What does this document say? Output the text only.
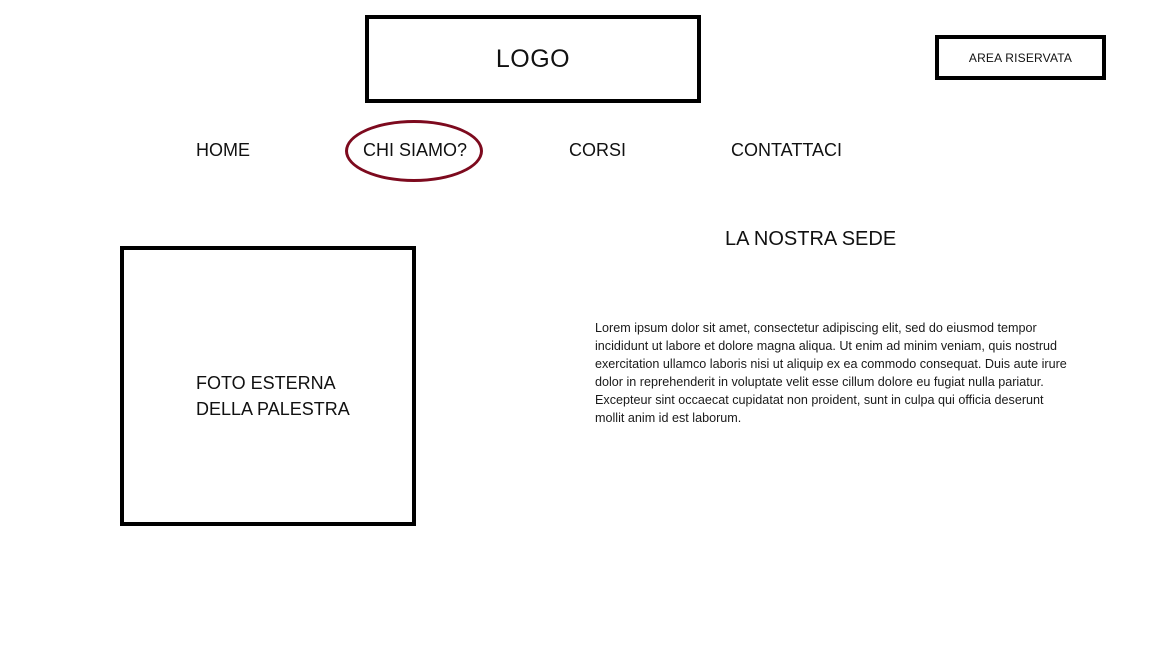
LOGO	AREA RISERVATA
HOME	CHI SIAMO?	CORSI	CONTATTACI
FOTO ESTERNA
DELLA PALESTRA
LA NOSTRA SEDE

Lorem ipsum dolor sit amet, consectetur adipiscing elit, sed do eiusmod tempor incididunt ut labore et dolore magna aliqua. Ut enim ad minim veniam, quis nostrud exercitation ullamco laboris nisi ut aliquip ex ea commodo consequat. Duis aute irure dolor in reprehenderit in voluptate velit esse cillum dolore eu fugiat nulla pariatur. Excepteur sint occaecat cupidatat non proident, sunt in culpa qui officia deserunt mollit anim id est laborum.
